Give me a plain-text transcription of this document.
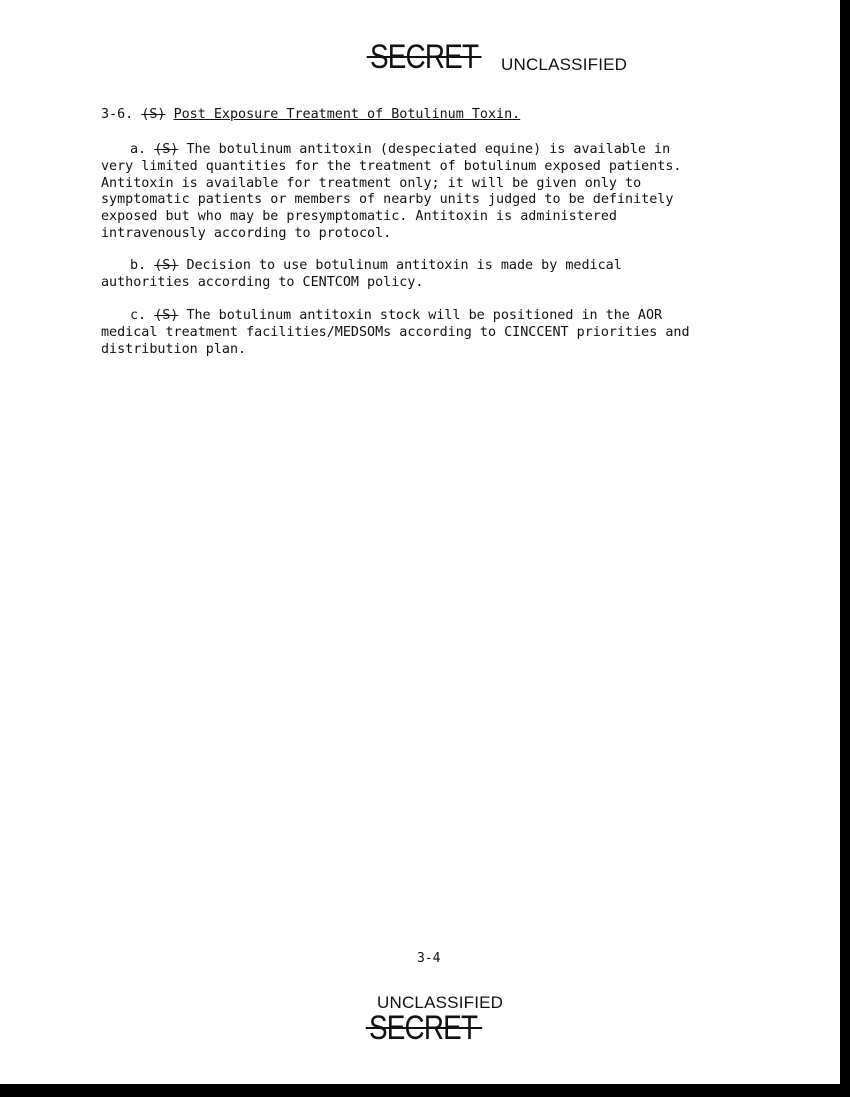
SECRET UNCLASSIFIED
3-6. (S) Post Exposure Treatment of Botulinum Toxin.
a. (S) The botulinum antitoxin (despeciated equine) is available in
very limited quantities for the treatment of botulinum exposed patients.
Antitoxin is available for treatment only; it will be given only to
symptomatic patients or members of nearby units judged to be definitely
exposed but who may be presymptomatic. Antitoxin is administered
intravenously according to protocol.
b. (S) Decision to use botulinum antitoxin is made by medical
authorities according to CENTCOM policy.
c. (S) The botulinum antitoxin stock will be positioned in the AOR
medical treatment facilities/MEDSOMs according to CINCCENT priorities and
distribution plan.
3-4
UNCLASSIFIED
SECRET
